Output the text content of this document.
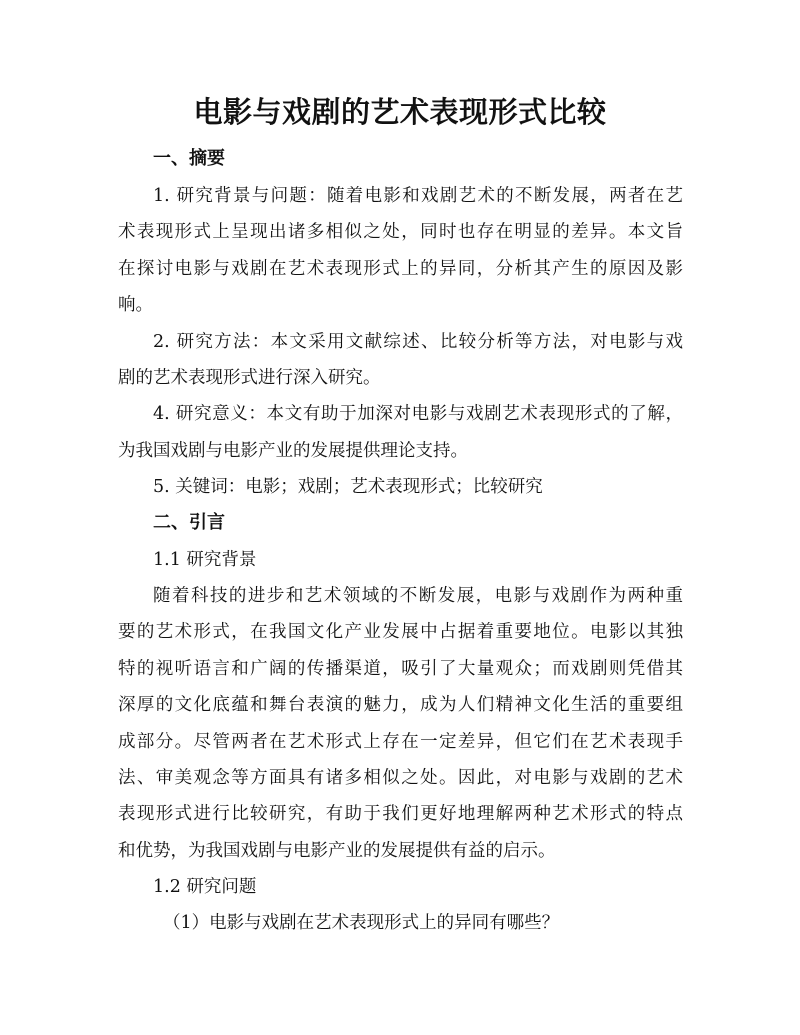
电影与戏剧的艺术表现形式比较
一、摘要
1. 研究背景与问题：随着电影和戏剧艺术的不断发展，两者在艺
术表现形式上呈现出诸多相似之处，同时也存在明显的差异。本文旨
在探讨电影与戏剧在艺术表现形式上的异同，分析其产生的原因及影
响。
2. 研究方法：本文采用文献综述、比较分析等方法，对电影与戏
剧的艺术表现形式进行深入研究。
4. 研究意义：本文有助于加深对电影与戏剧艺术表现形式的了解，
为我国戏剧与电影产业的发展提供理论支持。
5. 关键词：电影；戏剧；艺术表现形式；比较研究
二、引言
1.1 研究背景
随着科技的进步和艺术领域的不断发展，电影与戏剧作为两种重
要的艺术形式，在我国文化产业发展中占据着重要地位。电影以其独
特的视听语言和广阔的传播渠道，吸引了大量观众；而戏剧则凭借其
深厚的文化底蕴和舞台表演的魅力，成为人们精神文化生活的重要组
成部分。尽管两者在艺术形式上存在一定差异，但它们在艺术表现手
法、审美观念等方面具有诸多相似之处。因此，对电影与戏剧的艺术
表现形式进行比较研究，有助于我们更好地理解两种艺术形式的特点
和优势，为我国戏剧与电影产业的发展提供有益的启示。
1.2 研究问题
（1）电影与戏剧在艺术表现形式上的异同有哪些？
